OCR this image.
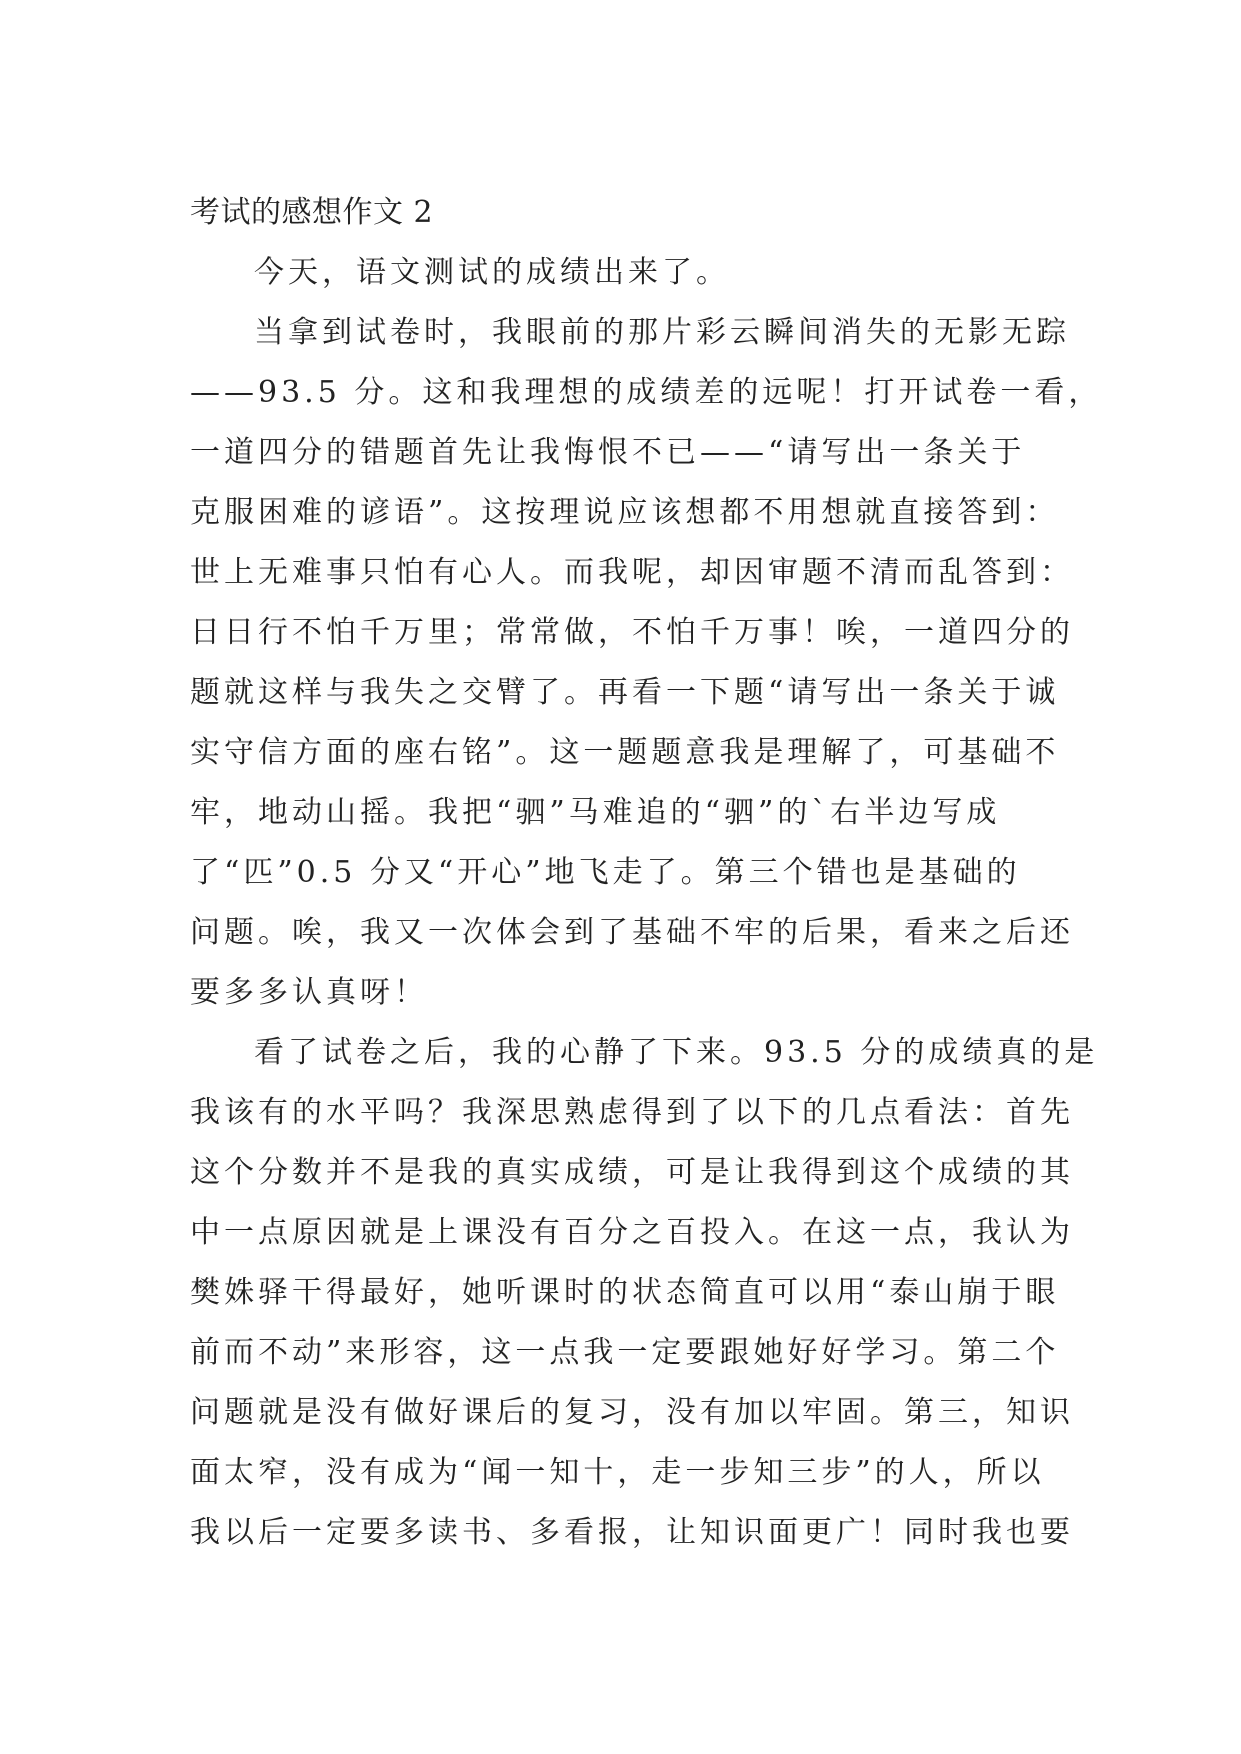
考试的感想作文 2
今天，语文测试的成绩出来了。
当拿到试卷时，我眼前的那片彩云瞬间消失的无影无踪
——93.5 分。这和我理想的成绩差的远呢！打开试卷一看，
一道四分的错题首先让我悔恨不已——“请写出一条关于
克服困难的谚语”。这按理说应该想都不用想就直接答到：
世上无难事只怕有心人。而我呢，却因审题不清而乱答到：
日日行不怕千万里；常常做，不怕千万事！唉，一道四分的
题就这样与我失之交臂了。再看一下题“请写出一条关于诚
实守信方面的座右铭”。这一题题意我是理解了，可基础不
牢，地动山摇。我把“驷”马难追的“驷”的`右半边写成
了“匹”0.5 分又“开心”地飞走了。第三个错也是基础的
问题。唉，我又一次体会到了基础不牢的后果，看来之后还
要多多认真呀！
看了试卷之后，我的心静了下来。93.5 分的成绩真的是
我该有的水平吗？我深思熟虑得到了以下的几点看法：首先
这个分数并不是我的真实成绩，可是让我得到这个成绩的其
中一点原因就是上课没有百分之百投入。在这一点，我认为
樊姝驿干得最好，她听课时的状态简直可以用“泰山崩于眼
前而不动”来形容，这一点我一定要跟她好好学习。第二个
问题就是没有做好课后的复习，没有加以牢固。第三，知识
面太窄，没有成为“闻一知十，走一步知三步”的人，所以
我以后一定要多读书、多看报，让知识面更广！同时我也要
